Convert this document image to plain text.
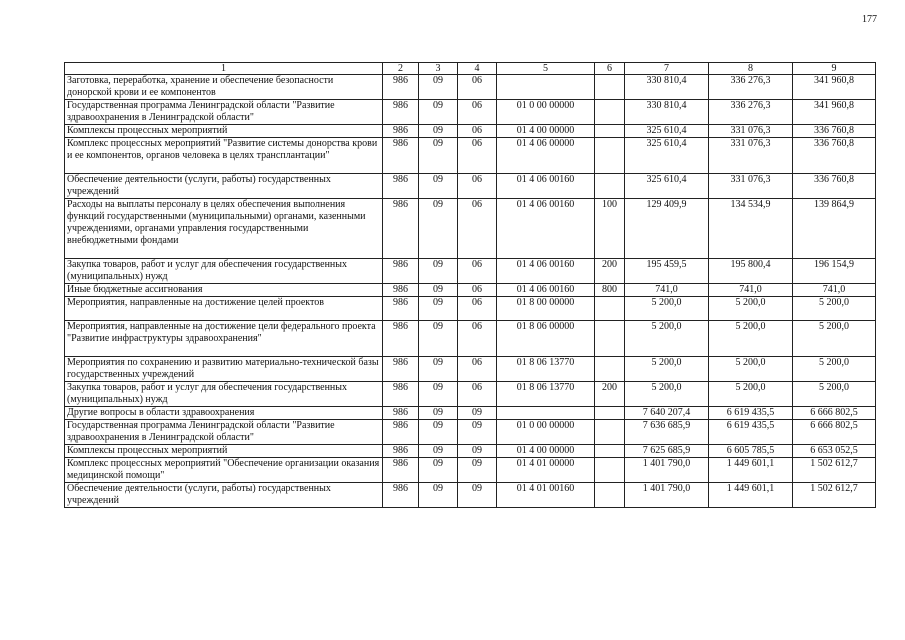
177
1	2	3	4	5	6	7	8	9
Заготовка, переработка, хранение и обеспечение безопасности донорской крови и ее компонентов	986	09	06			330 810,4	336 276,3	341 960,8
Государственная программа Ленинградской области "Развитие здравоохранения в Ленинградской области"	986	09	06	01 0 00 00000		330 810,4	336 276,3	341 960,8
Комплексы процессных мероприятий	986	09	06	01 4 00 00000		325 610,4	331 076,3	336 760,8
Комплекс процессных мероприятий "Развитие системы донорства крови и ее компонентов, органов человека в целях трансплантации"	986	09	06	01 4 06 00000		325 610,4	331 076,3	336 760,8
Обеспечение деятельности (услуги, работы) государственных учреждений	986	09	06	01 4 06 00160		325 610,4	331 076,3	336 760,8
Расходы на выплаты персоналу в целях обеспечения выполнения функций государственными (муниципальными) органами, казенными учреждениями, органами управления государственными внебюджетными фондами	986	09	06	01 4 06 00160	100	129 409,9	134 534,9	139 864,9
Закупка товаров, работ и услуг для обеспечения государственных (муниципальных) нужд	986	09	06	01 4 06 00160	200	195 459,5	195 800,4	196 154,9
Иные бюджетные ассигнования	986	09	06	01 4 06 00160	800	741,0	741,0	741,0
Мероприятия, направленные на достижение целей проектов	986	09	06	01 8 00 00000		5 200,0	5 200,0	5 200,0
Мероприятия, направленные на достижение цели федерального проекта "Развитие инфраструктуры здравоохранения"	986	09	06	01 8 06 00000		5 200,0	5 200,0	5 200,0
Мероприятия по сохранению и развитию материально-технической базы государственных учреждений	986	09	06	01 8 06 13770		5 200,0	5 200,0	5 200,0
Закупка товаров, работ и услуг для обеспечения государственных (муниципальных) нужд	986	09	06	01 8 06 13770	200	5 200,0	5 200,0	5 200,0
Другие вопросы в области здравоохранения	986	09	09			7 640 207,4	6 619 435,5	6 666 802,5
Государственная программа Ленинградской области "Развитие здравоохранения в Ленинградской области"	986	09	09	01 0 00 00000		7 636 685,9	6 619 435,5	6 666 802,5
Комплексы процессных мероприятий	986	09	09	01 4 00 00000		7 625 685,9	6 605 785,5	6 653 052,5
Комплекс процессных мероприятий "Обеспечение организации оказания медицинской помощи"	986	09	09	01 4 01 00000		1 401 790,0	1 449 601,1	1 502 612,7
Обеспечение деятельности (услуги, работы) государственных учреждений	986	09	09	01 4 01 00160		1 401 790,0	1 449 601,1	1 502 612,7
